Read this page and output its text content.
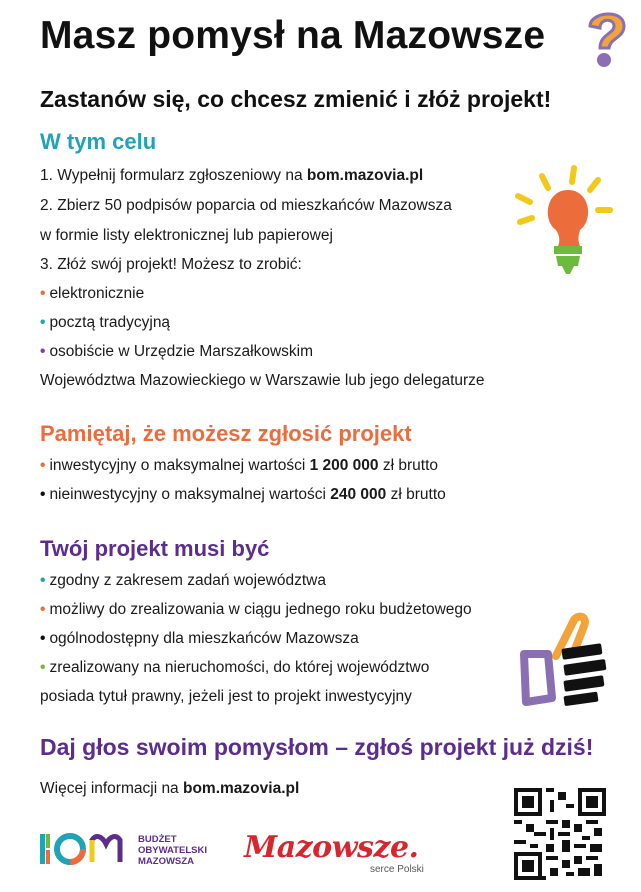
Masz pomysł na Mazowsze
Zastanów się, co chcesz zmienić i złóż projekt!
W tym celu
1. Wypełnij formularz zgłoszeniowy na bom.mazovia.pl
2. Zbierz 50 podpisów poparcia od mieszkańców Mazowsza
w formie listy elektronicznej lub papierowej
3. Złóż swój projekt! Możesz to zrobić:
• elektronicznie
• pocztą tradycyjną
• osobiście w Urzędzie Marszałkowskim
Województwa Mazowieckiego w Warszawie lub jego delegaturze
Pamiętaj, że możesz zgłosić projekt
• inwestycyjny o maksymalnej wartości 1 200 000 zł brutto
• nieinwestycyjny o maksymalnej wartości 240 000 zł brutto
Twój projekt musi być
• zgodny z zakresem zadań województwa
• możliwy do zrealizowania w ciągu jednego roku budżetowego
• ogólnodostępny dla mieszkańców Mazowsza
• zrealizowany na nieruchomości, do której województwo
posiada tytuł prawny, jeżeli jest to projekt inwestycyjny
Daj głos swoim pomysłom – zgłoś projekt już dziś!
Więcej informacji na bom.mazovia.pl
BUDŻET
OBYWATELSKI
MAZOWSZA	Mazowsze.
serce Polski
